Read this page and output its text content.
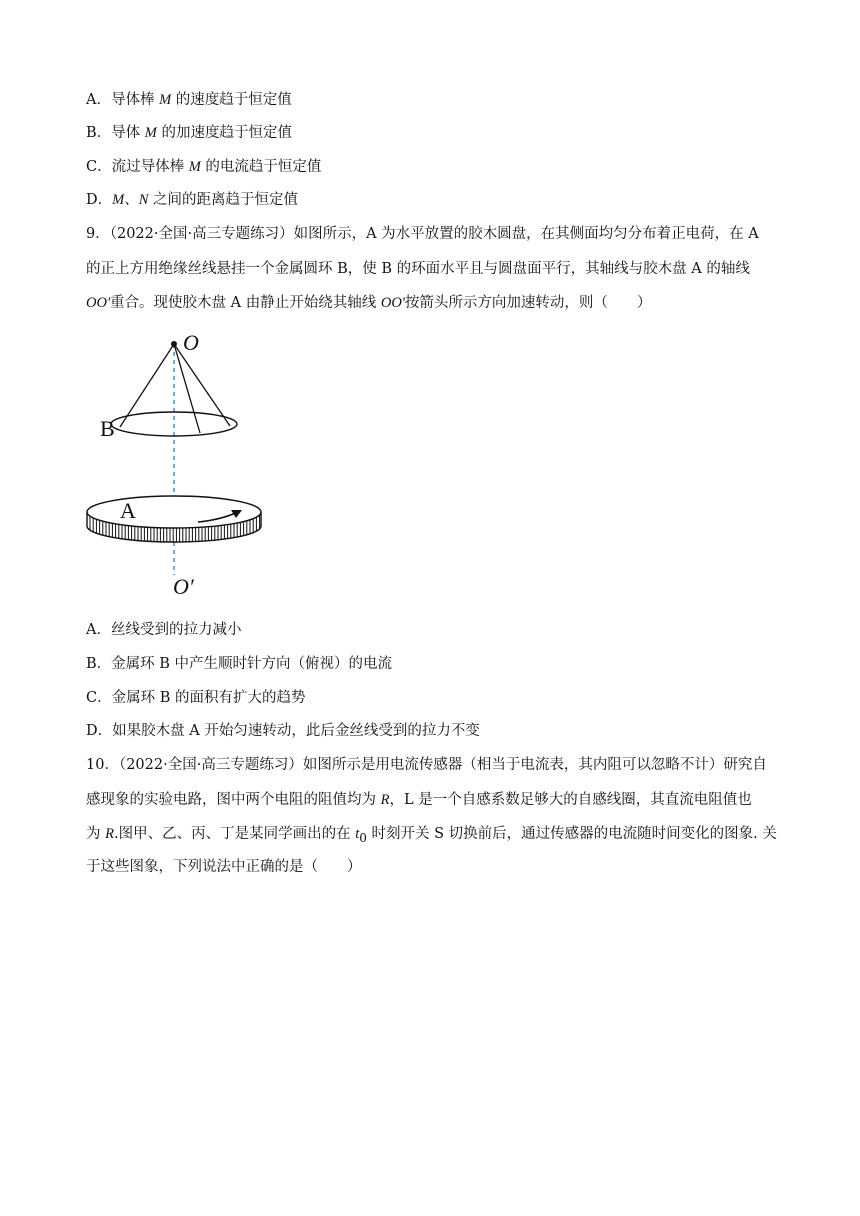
A．导体棒 M 的速度趋于恒定值
B．导体 M 的加速度趋于恒定值
C．流过导体棒 M 的电流趋于恒定值
D．M、N 之间的距离趋于恒定值
9．（2022·全国·高三专题练习）如图所示，A 为水平放置的胶木圆盘，在其侧面均匀分布着正电荷，在 A
的正上方用绝缘丝线悬挂一个金属圆环 B，使 B 的环面水平且与圆盘面平行，其轴线与胶木盘 A 的轴线
OO'重合。现使胶木盘 A 由静止开始绕其轴线 OO'按箭头所示方向加速转动，则（　　）
O
B
A
O′
A．丝线受到的拉力减小
B．金属环 B 中产生顺时针方向（俯视）的电流
C．金属环 B 的面积有扩大的趋势
D．如果胶木盘 A 开始匀速转动，此后金丝线受到的拉力不变
10．（2022·全国·高三专题练习）如图所示是用电流传感器（相当于电流表，其内阻可以忽略不计）研究自
感现象的实验电路，图中两个电阻的阻值均为 R，L 是一个自感系数足够大的自感线圈，其直流电阻值也
为 R.图甲、乙、丙、丁是某同学画出的在 $t_0$ 时刻开关 S 切换前后，通过传感器的电流随时间变化的图象. 关
于这些图象，下列说法中正确的是（　　）
